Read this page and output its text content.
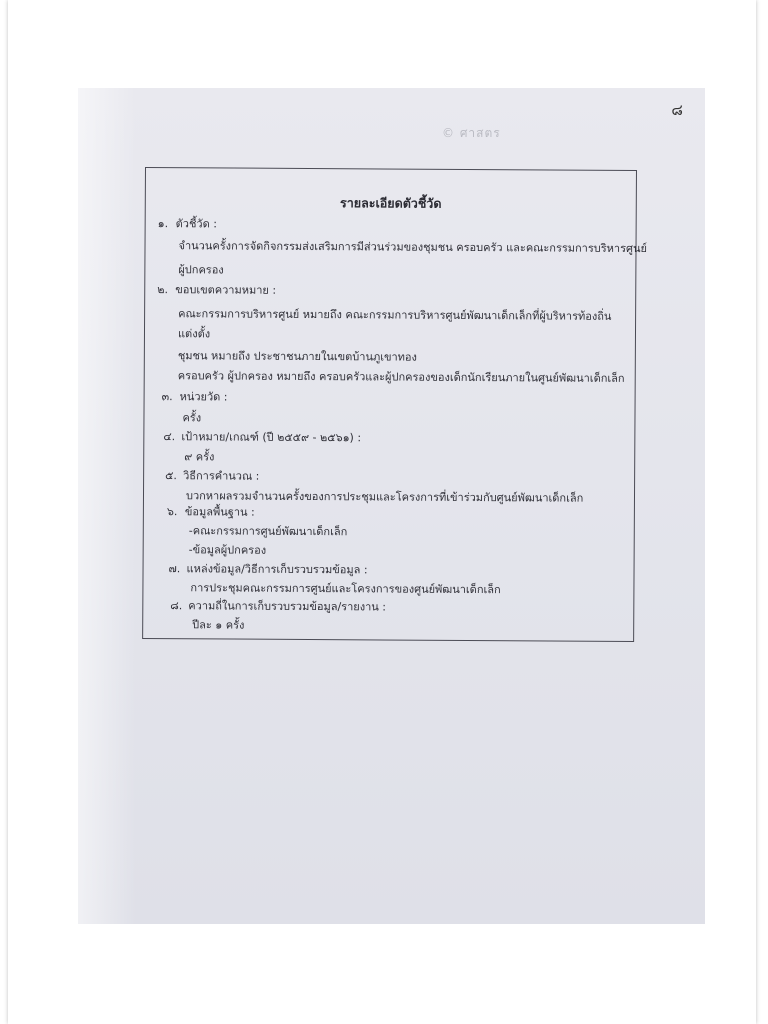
๘
© ศาสตร
รายละเอียดตัวชี้วัด
๑. ตัวชี้วัด :
จำนวนครั้งการจัดกิจกรรมส่งเสริมการมีส่วนร่วมของชุมชน ครอบครัว และคณะกรรมการบริหารศูนย์
ผู้ปกครอง
๒. ขอบเขตความหมาย :
คณะกรรมการบริหารศูนย์ หมายถึง คณะกรรมการบริหารศูนย์พัฒนาเด็กเล็กที่ผู้บริหารท้องถิ่น
แต่งตั้ง
ชุมชน หมายถึง ประชาชนภายในเขตบ้านภูเขาทอง
ครอบครัว ผู้ปกครอง หมายถึง ครอบครัวและผู้ปกครองของเด็กนักเรียนภายในศูนย์พัฒนาเด็กเล็ก
๓. หน่วยวัด :
ครั้ง
๔. เป้าหมาย/เกณฑ์ (ปี ๒๕๕๙ - ๒๕๖๑) :
๙ ครั้ง
๕. วิธีการคำนวณ :
บวกหาผลรวมจำนวนครั้งของการประชุมและโครงการที่เข้าร่วมกับศูนย์พัฒนาเด็กเล็ก
๖. ข้อมูลพื้นฐาน :
-คณะกรรมการศูนย์พัฒนาเด็กเล็ก
-ข้อมูลผู้ปกครอง
๗. แหล่งข้อมูล/วิธีการเก็บรวบรวมข้อมูล :
การประชุมคณะกรรมการศูนย์และโครงการของศูนย์พัฒนาเด็กเล็ก
๘. ความถี่ในการเก็บรวบรวมข้อมูล/รายงาน :
ปีละ ๑ ครั้ง
